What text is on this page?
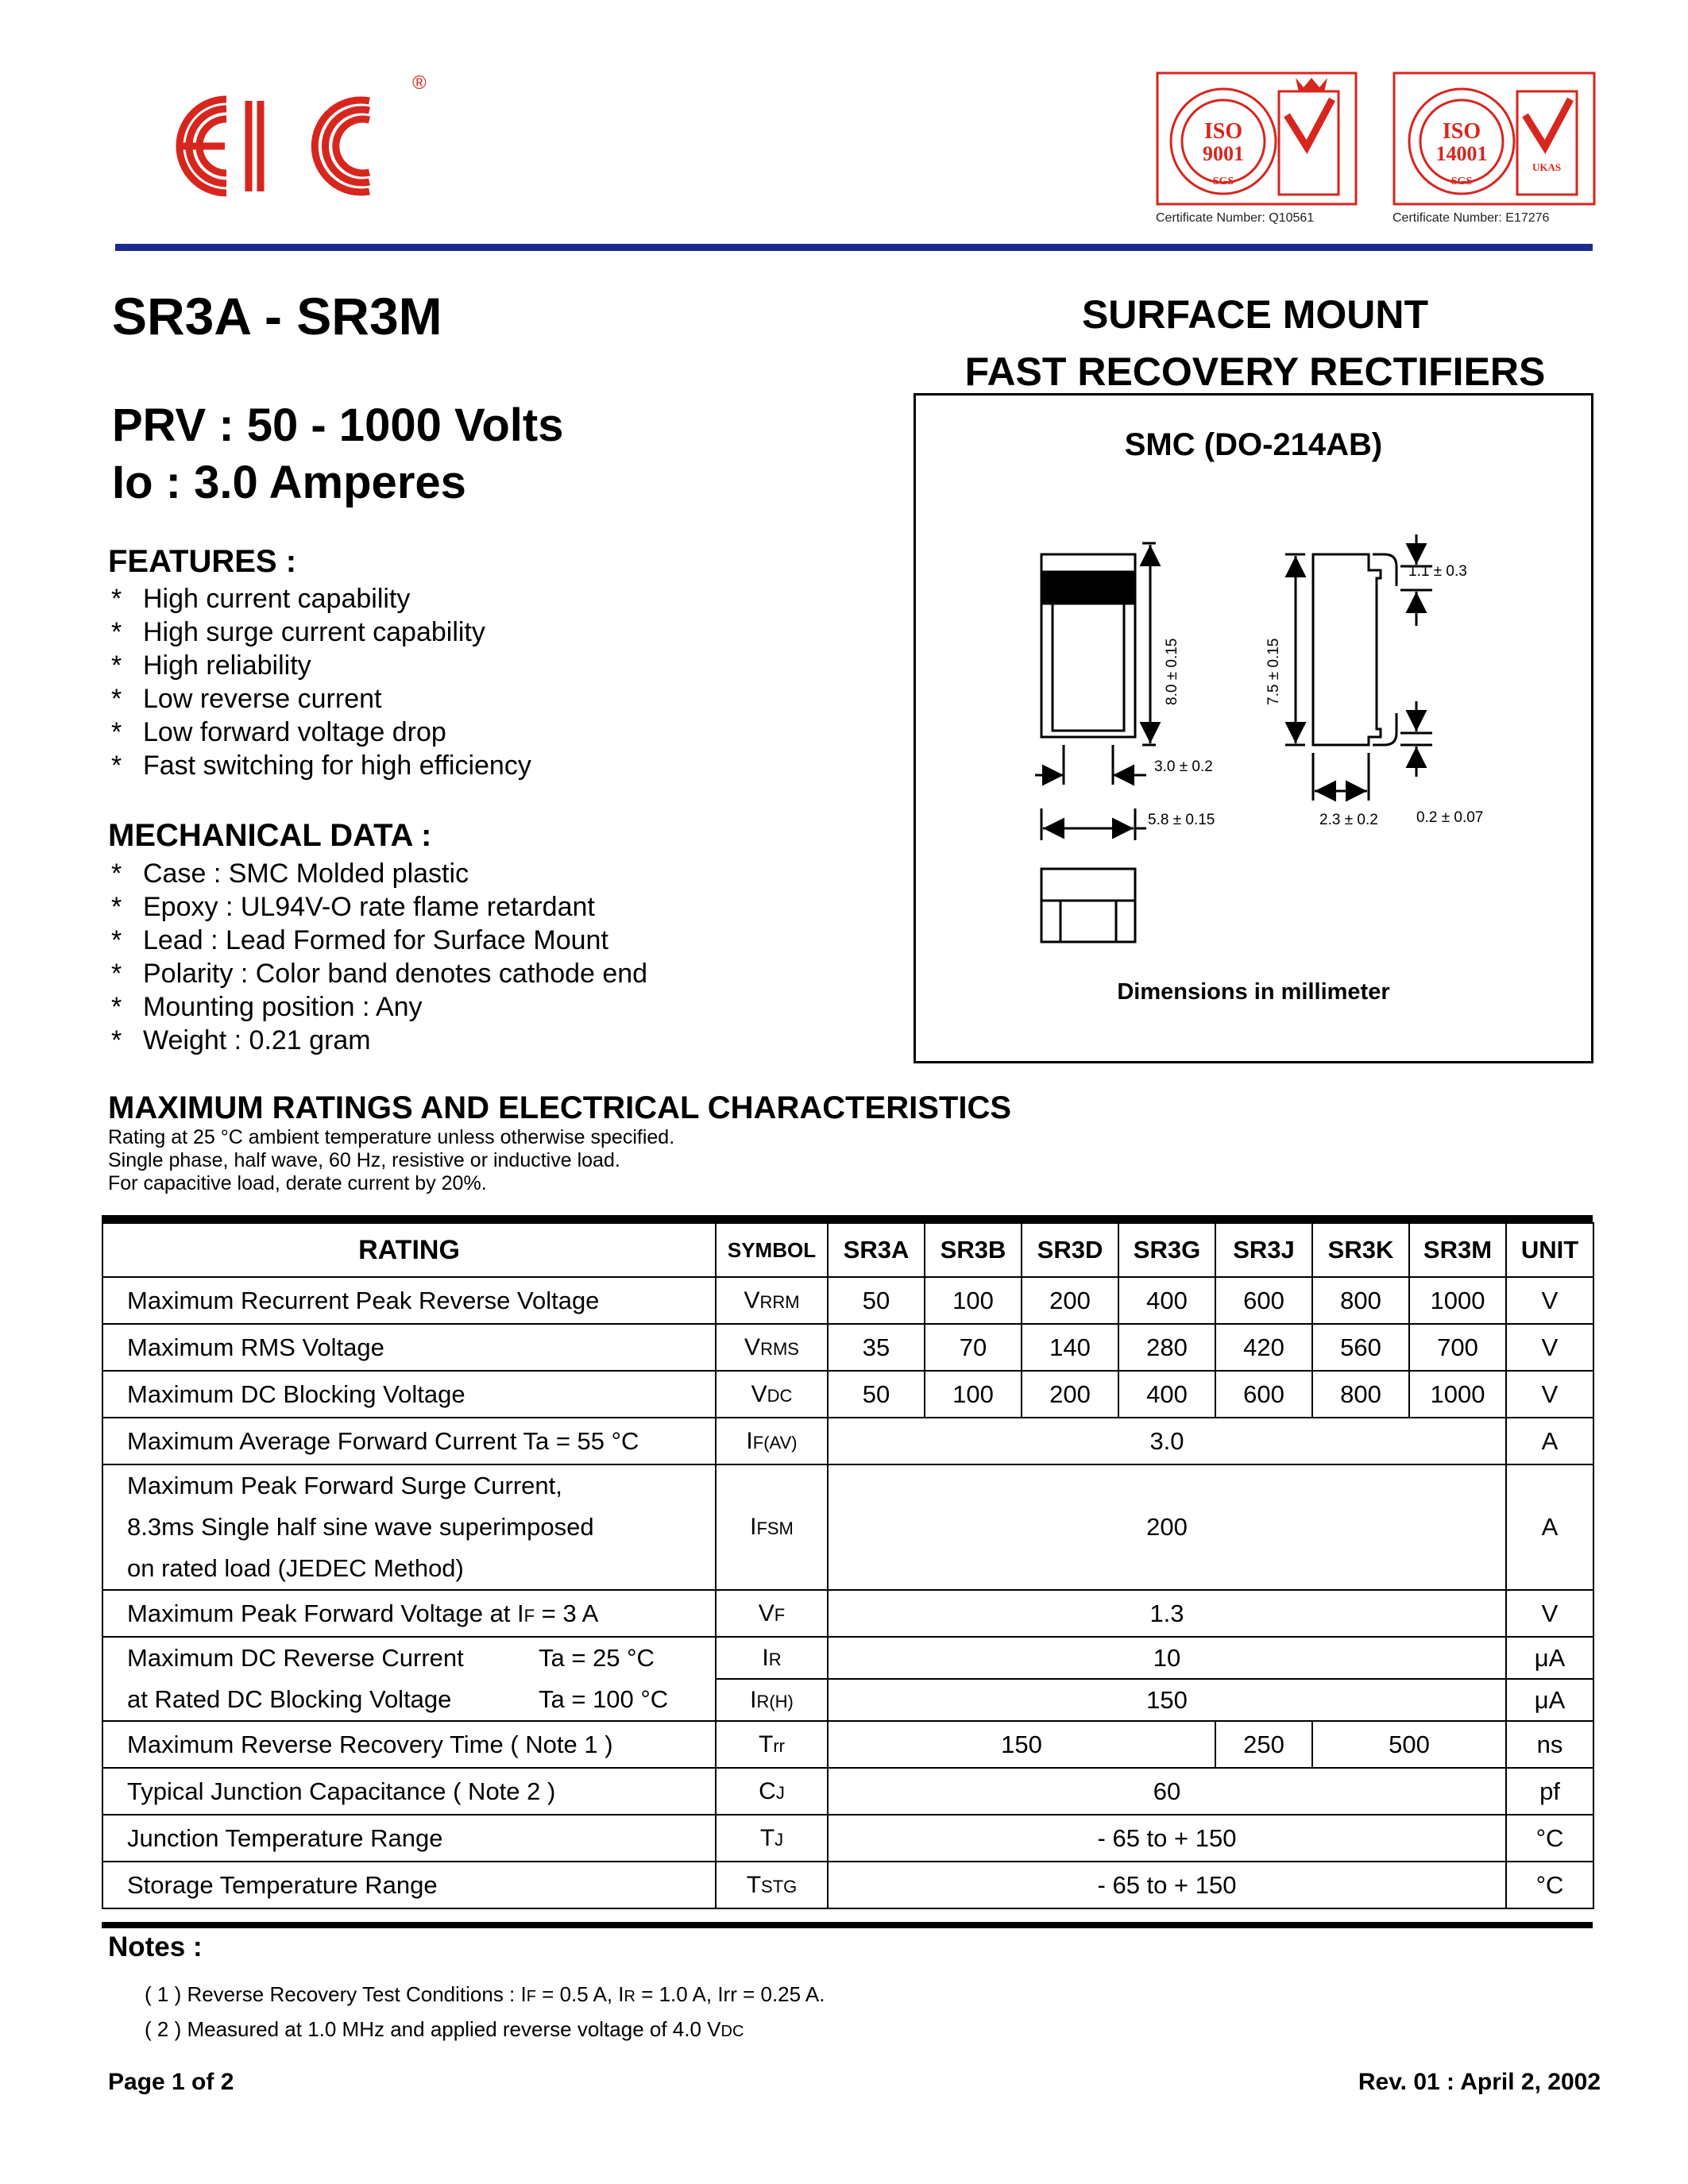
®
ISO
9001
ISO
14001
SGS	SGS
UKAS
Certificate Number: Q10561	Certificate Number: E17276
SR3A - SR3M
PRV : 50 - 1000 Volts
Io : 3.0 Amperes
SURFACE MOUNT
FAST RECOVERY RECTIFIERS
FEATURES :
* High current capability
* High surge current capability
* High reliability
* Low reverse current
* Low forward voltage drop
* Fast switching for high efficiency
MECHANICAL DATA :
* Case : SMC Molded plastic
* Epoxy : UL94V-O rate flame retardant
* Lead : Lead Formed for Surface Mount
* Polarity : Color band denotes cathode end
* Mounting position : Any
* Weight : 0.21 gram
SMC (DO-214AB)
8.0 ± 0.15	7.5 ± 0.15
3.0 ± 0.2
5.8 ± 0.15
1.1 ± 0.3
2.3 ± 0.2	0.2 ± 0.07
Dimensions in millimeter
MAXIMUM RATINGS AND ELECTRICAL CHARACTERISTICS
Rating at 25 °C ambient temperature unless otherwise specified.
Single phase, half wave, 60 Hz, resistive or inductive load.
For capacitive load, derate current by 20%.
RATING	SYMBOL	SR3A	SR3B	SR3D	SR3G	SR3J	SR3K	SR3M	UNIT
Maximum Recurrent Peak Reverse Voltage	VRRM	50	100	200	400	600	800	1000	V
Maximum RMS Voltage	VRMS	35	70	140	280	420	560	700	V
Maximum DC Blocking Voltage	VDC	50	100	200	400	600	800	1000	V
Maximum Average Forward Current Ta = 55 °C	IF(AV)	3.0							A

Maximum Peak Forward Surge Current,
8.3ms Single half sine wave superimposed
on rated load (JEDEC Method)	IFSM	200							A
Maximum Peak Forward Voltage at IF = 3 A	VF	1.3							V

Maximum DC Reverse Current Ta = 25 °C
at Rated DC Blocking Voltage Ta = 100 °C	IR	10							μA
	IR(H)	150							μA
Maximum Reverse Recovery Time ( Note 1 )	Trr	150				250	500		ns
Typical Junction Capacitance ( Note 2 )	CJ	60							pf
Junction Temperature Range	TJ	- 65 to + 150							°C
Storage Temperature Range	TSTG	- 65 to + 150							°C
Notes :
( 1 ) Reverse Recovery Test Conditions : IF = 0.5 A, IR = 1.0 A, Irr = 0.25 A.
( 2 ) Measured at 1.0 MHz and applied reverse voltage of 4.0 VDC
Page 1 of 2	Rev. 01 : April 2, 2002
